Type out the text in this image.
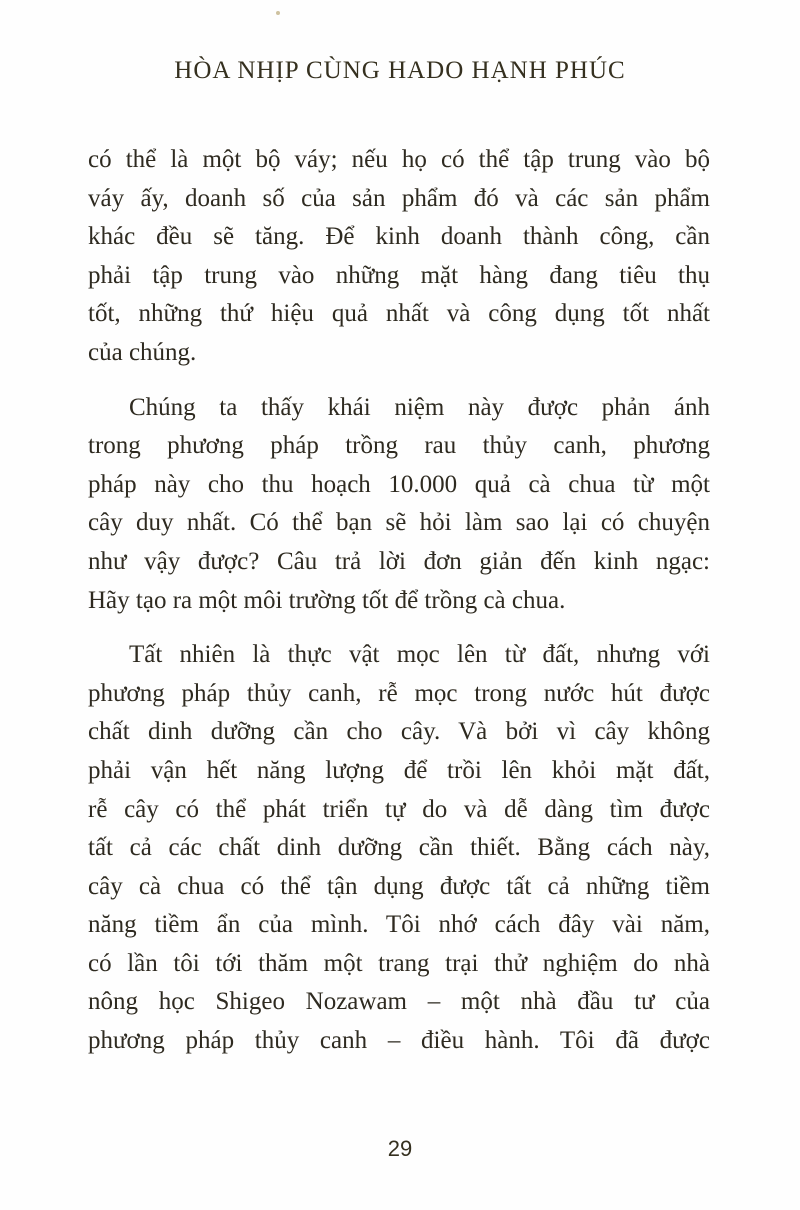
HÒA NHỊP CÙNG HADO HẠNH PHÚC
có thể là một bộ váy; nếu họ có thể tập trung vào bộ
váy ấy, doanh số của sản phẩm đó và các sản phẩm
khác đều sẽ tăng. Để kinh doanh thành công, cần
phải tập trung vào những mặt hàng đang tiêu thụ
tốt, những thứ hiệu quả nhất và công dụng tốt nhất
của chúng.
Chúng ta thấy khái niệm này được phản ánh
trong phương pháp trồng rau thủy canh, phương
pháp này cho thu hoạch 10.000 quả cà chua từ một
cây duy nhất. Có thể bạn sẽ hỏi làm sao lại có chuyện
như vậy được? Câu trả lời đơn giản đến kinh ngạc:
Hãy tạo ra một môi trường tốt để trồng cà chua.
Tất nhiên là thực vật mọc lên từ đất, nhưng với
phương pháp thủy canh, rễ mọc trong nước hút được
chất dinh dưỡng cần cho cây. Và bởi vì cây không
phải vận hết năng lượng để trồi lên khỏi mặt đất,
rễ cây có thể phát triển tự do và dễ dàng tìm được
tất cả các chất dinh dưỡng cần thiết. Bằng cách này,
cây cà chua có thể tận dụng được tất cả những tiềm
năng tiềm ẩn của mình. Tôi nhớ cách đây vài năm,
có lần tôi tới thăm một trang trại thử nghiệm do nhà
nông học Shigeo Nozawam – một nhà đầu tư của
phương pháp thủy canh – điều hành. Tôi đã được
29
